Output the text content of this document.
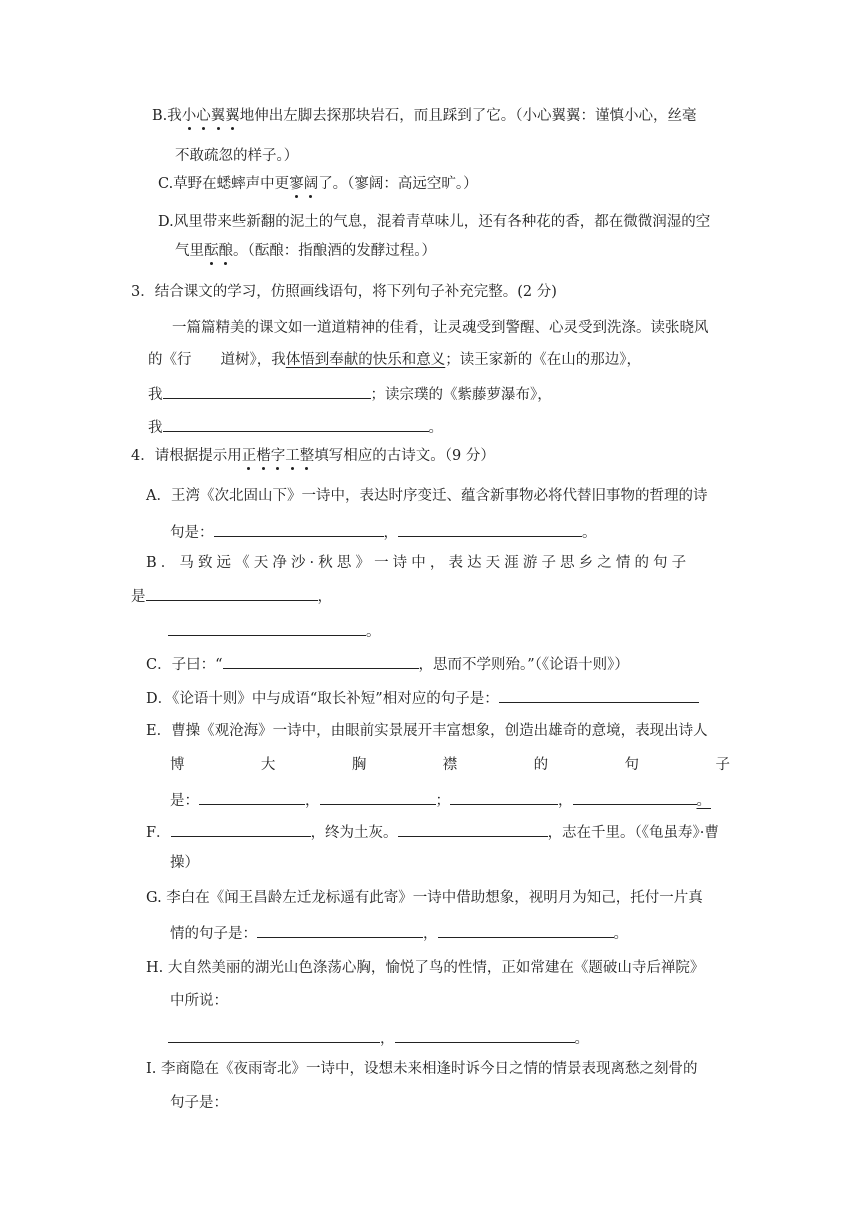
B.我小心翼翼地伸出左脚去探那块岩石，而且踩到了它。（小心翼翼：谨慎小心，丝毫
不敢疏忽的样子。）
C.草野在蟋蟀声中更寥阔了。（寥阔：高远空旷。）
D.风里带来些新翻的泥土的气息，混着青草味儿，还有各种花的香，都在微微润湿的空
气里酝酿。（酝酿：指酿酒的发酵过程。）
3．结合课文的学习，仿照画线语句，将下列句子补充完整。(2 分)
一篇篇精美的课文如一道道精神的佳肴，让灵魂受到警醒、心灵受到洗涤。读张晓风
的《行　　道树》，我体悟到奉献的快乐和意义；读王家新的《在山的那边》，
我	；读宗璞的《紫藤萝瀑布》，
我	。
4．请根据提示用正楷字工整填写相应的古诗文。（9 分）
A．王湾《次北固山下》一诗中，表达时序变迁、蕴含新事物必将代替旧事物的哲理的诗
句是：	，	。
B．马致远《天净沙·秋思》一诗中，表达天涯游子思乡之情的句子
是	，
。
C．子曰：“	，思而不学则殆。”（《论语十则》）
D．《论语十则》中与成语“取长补短”相对应的句子是：
E．曹操《观沧海》一诗中，由眼前实景展开丰富想象，创造出雄奇的意境，表现出诗人
博	大	胸	襟	的	句	子
是：	，	；	，	。
F．	，终为土灰。	，志在千里。（《龟虽寿》·曹
操）
G. 李白在《闻王昌龄左迁龙标遥有此寄》一诗中借助想象，视明月为知己，托付一片真
情的句子是：	，	。
H. 大自然美丽的湖光山色涤荡心胸，愉悦了鸟的性情，正如常建在《题破山寺后禅院》
中所说：
，	。
I. 李商隐在《夜雨寄北》一诗中，设想未来相逢时诉今日之情的情景表现离愁之刻骨的
句子是：
